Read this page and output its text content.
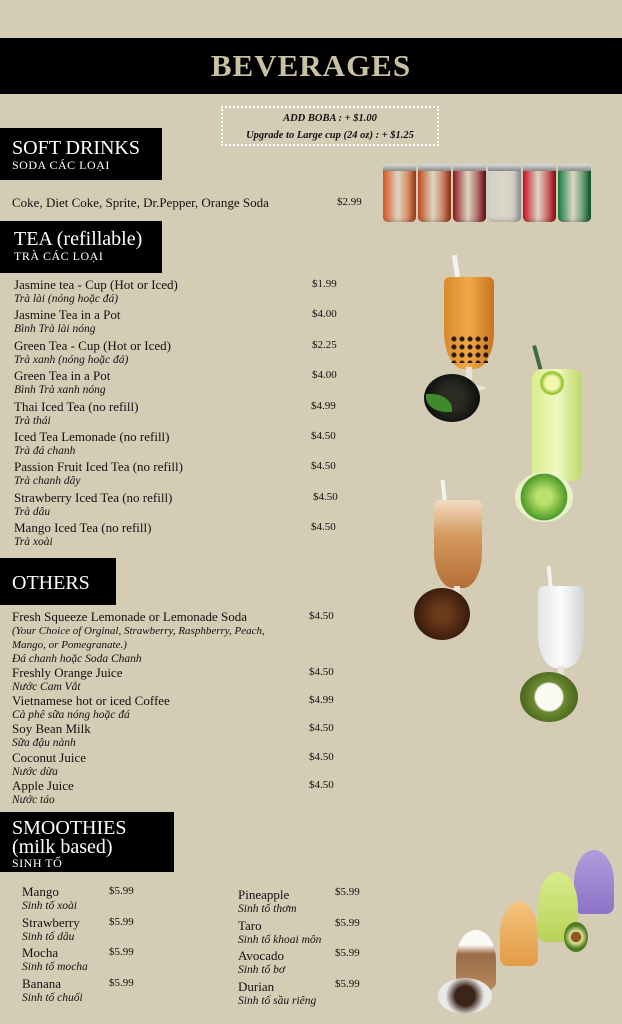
BEVERAGES
ADD BOBA : + $1.00
Upgrade to Large cup (24 oz) : + $1.25
SOFT DRINKS
SODA CÁC LOẠI
Coke, Diet Coke, Sprite, Dr.Pepper, Orange Soda	$2.99
TEA (refillable)
TRÀ CÁC LOẠI
Jasmine tea - Cup (Hot or Iced)
Trà lài (nóng hoặc đá)
$1.99
Jasmine Tea in a Pot
Bình Trà lài nóng
$4.00
Green Tea - Cup (Hot or Iced)
Trà xanh (nóng hoặc đá)
$2.25
Green Tea in a Pot
Bình Trà xanh nóng
$4.00
Thai Iced Tea (no refill)
Trà thái
$4.99
Iced Tea Lemonade (no refill)
Trà đá chanh
$4.50
Passion Fruit Iced Tea (no refill)
Trà chanh dây
$4.50
Strawberry Iced Tea (no refill)
Trà dâu
$4.50
Mango Iced Tea (no refill)
Trà xoài
$4.50
OTHERS
Fresh Squeeze Lemonade or Lemonade Soda
(Your Choice of Orginal, Strawberry, Rasphberry, Peach,
Mango, or Pomegranate.)
Đá chanh hoặc Soda Chanh
$4.50
Freshly Orange Juice
Nước Cam Vắt
$4.50
Vietnamese hot or iced Coffee
Cà phê sữa nóng hoặc đá
$4.99
Soy Bean Milk
Sữa đậu nành
$4.50
Coconut Juice
Nước dừa
$4.50
Apple Juice
Nước táo
$4.50
SMOOTHIES
(milk based)
SINH TỐ
Mango
Sinh tố xoài
$5.99
Strawberry
Sinh tố dâu
$5.99
Mocha
Sinh tố mocha
$5.99
Banana
Sinh tố chuối
$5.99
Pineapple
Sinh tố thơm
$5.99
Taro
Sinh tố khoai môn
$5.99
Avocado
Sinh tố bơ
$5.99
Durian
Sinh tố sầu riêng
$5.99
